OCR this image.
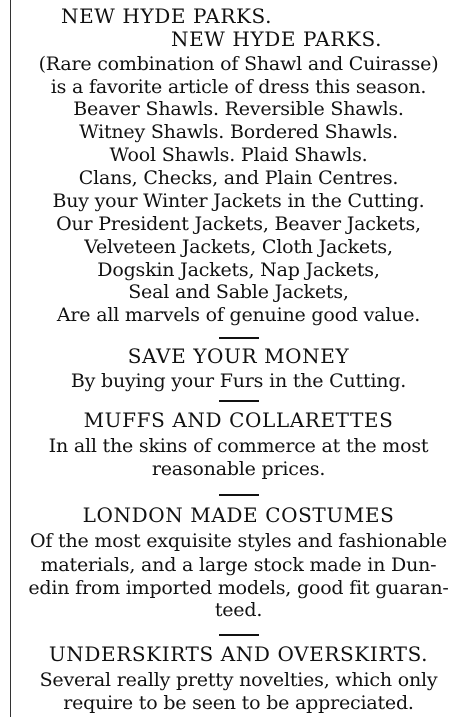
NEW HYDE PARKS.
NEW HYDE PARKS.
(Rare combination of Shawl and Cuirasse)
is a favorite article of dress this season.
Beaver Shawls. Reversible Shawls.
Witney Shawls. Bordered Shawls.
Wool Shawls. Plaid Shawls.
Clans, Checks, and Plain Centres.
Buy your Winter Jackets in the Cutting.
Our President Jackets, Beaver Jackets,
Velveteen Jackets, Cloth Jackets,
Dogskin Jackets, Nap Jackets,
Seal and Sable Jackets,
Are all marvels of genuine good value.
SAVE YOUR MONEY
By buying your Furs in the Cutting.
MUFFS AND COLLARETTES
In all the skins of commerce at the most
reasonable prices.
LONDON MADE COSTUMES
Of the most exquisite styles and fashionable
materials, and a large stock made in Dun-
edin from imported models, good fit guaran-
teed.
UNDERSKIRTS AND OVERSKIRTS.
Several really pretty novelties, which only
require to be seen to be appreciated.
